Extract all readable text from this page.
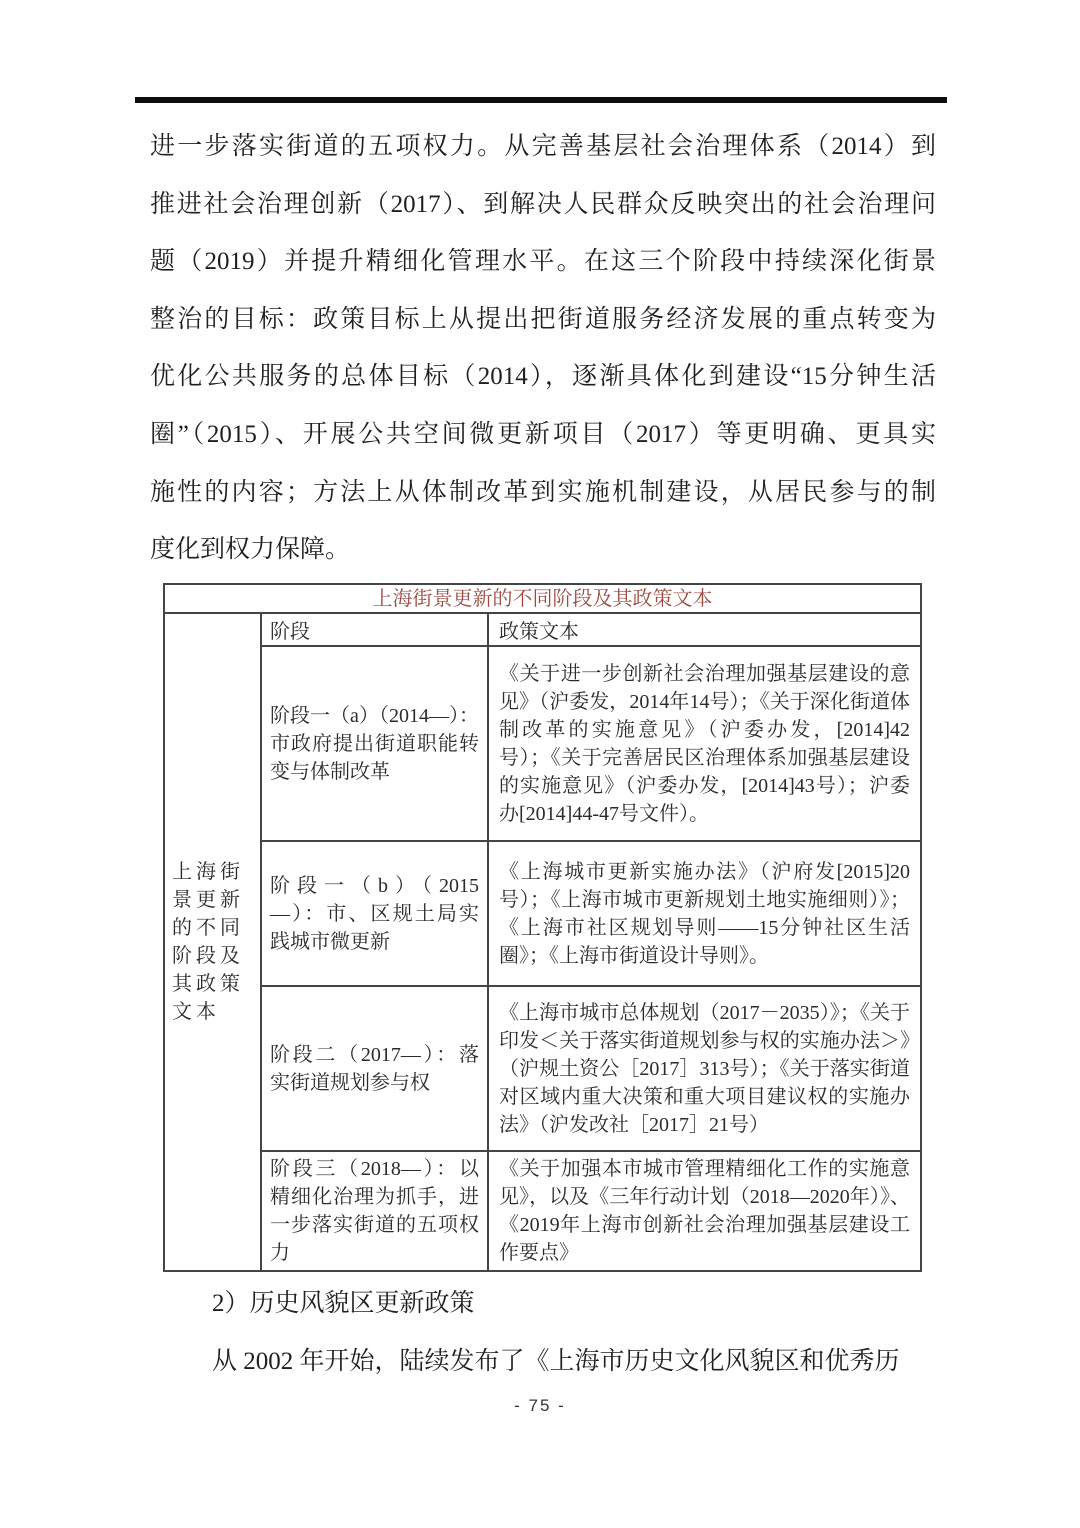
进一步落实街道的五项权力。从完善基层社会治理体系（2014）到
推进社会治理创新（2017）、到解决人民群众反映突出的社会治理问
题（2019）并提升精细化管理水平。在这三个阶段中持续深化街景
整治的目标：政策目标上从提出把街道服务经济发展的重点转变为
优化公共服务的总体目标（2014），逐渐具体化到建设“15分钟生活
圈”（2015）、开展公共空间微更新项目（2017）等更明确、更具实
施性的内容；方法上从体制改革到实施机制建设，从居民参与的制
度化到权力保障。
上海街景更新的不同阶段及其政策文本		
上海街景更新的不同阶段及其政策文本	阶段	政策文本
	阶段一（a）（2014—）：市政府提出街道职能转变与体制改革	《关于进一步创新社会治理加强基层建设的意见》（沪委发，2014年14号）；《关于深化街道体制改革的实施意见》（沪委办发，[2014]42号）；《关于完善居民区治理体系加强基层建设的实施意见》（沪委办发，[2014]43号）；沪委办[2014]44-47号文件）。
	阶段一（b）（2015—）：市、区规土局实践城市微更新	《上海城市更新实施办法》（沪府发[2015]20号）；《上海市城市更新规划土地实施细则）》；《上海市社区规划导则——15分钟社区生活圈》；《上海市街道设计导则》。
	阶段二（2017—）：落实街道规划参与权	《上海市城市总体规划（2017－2035）》；《关于印发＜关于落实街道规划参与权的实施办法＞》（沪规土资公［2017］313号）；《关于落实街道对区域内重大决策和重大项目建议权的实施办法》（沪发改社［2017］21号）
	阶段三（2018—）：以精细化治理为抓手，进一步落实街道的五项权力	《关于加强本市城市管理精细化工作的实施意见》，以及《三年行动计划（2018—2020年）》、《2019年上海市创新社会治理加强基层建设工作要点》
2）历史风貌区更新政策
从 2002 年开始，陆续发布了《上海市历史文化风貌区和优秀历
- 75 -
